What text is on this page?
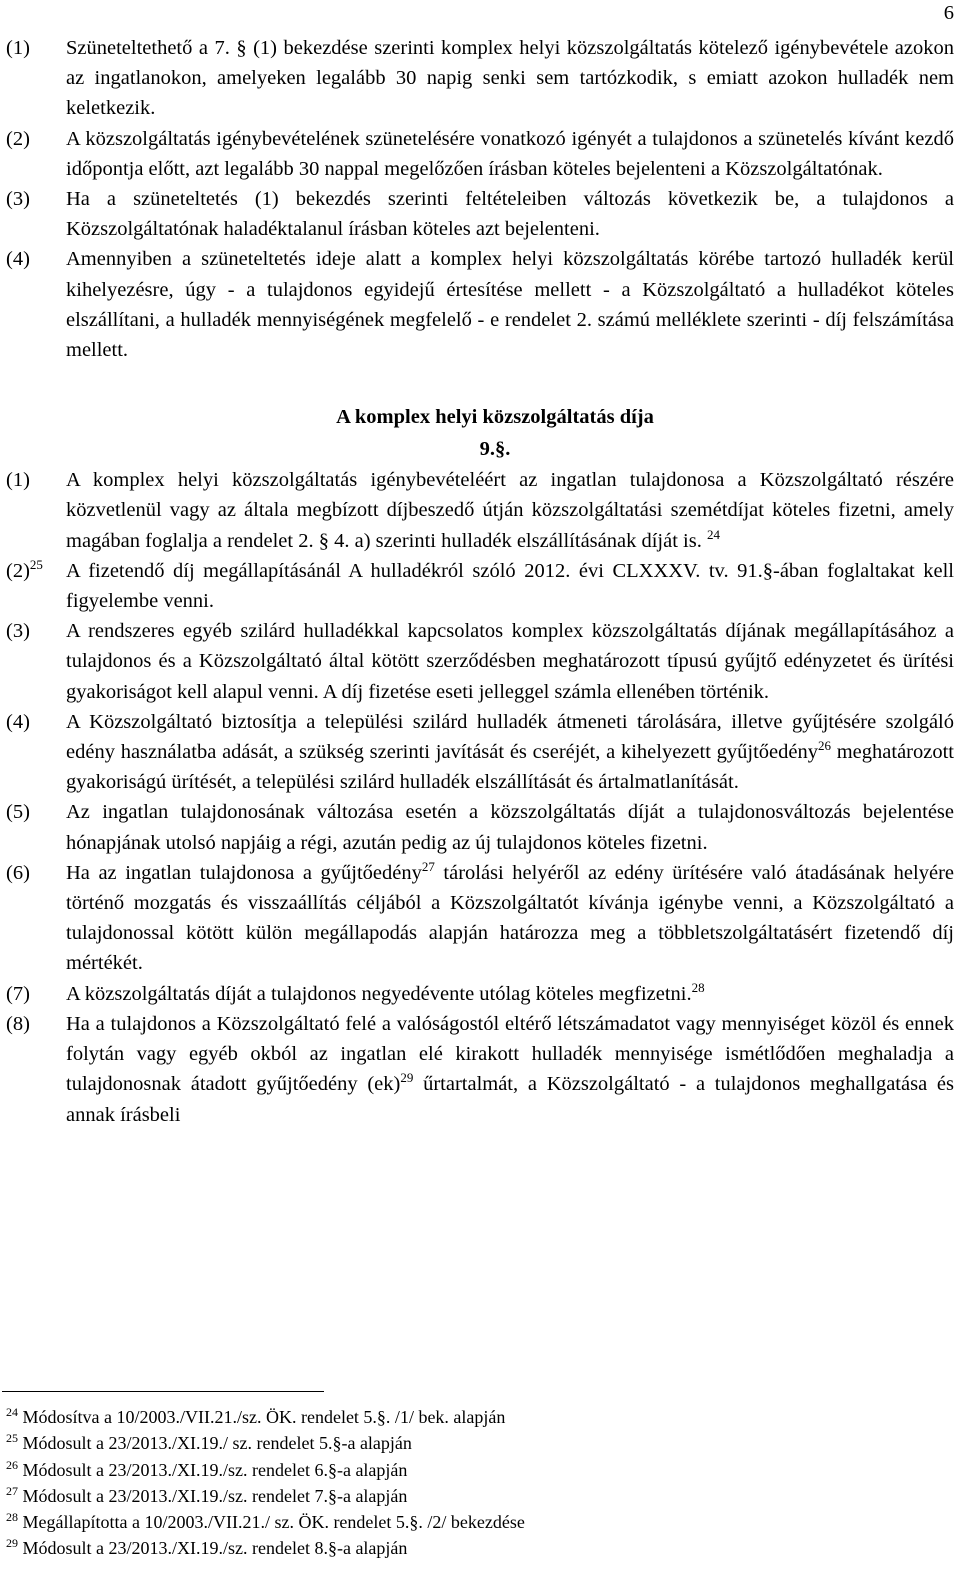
6
(1) Szüneteltethető a 7. § (1) bekezdése szerinti komplex helyi közszolgáltatás kötelező igénybevétele azokon az ingatlanokon, amelyeken legalább 30 napig senki sem tartózkodik, s emiatt azokon hulladék nem keletkezik.
(2) A közszolgáltatás igénybevételének szünetelésére vonatkozó igényét a tulajdonos a szünetelés kívánt kezdő időpontja előtt, azt legalább 30 nappal megelőzően írásban köteles bejelenteni a Közszolgáltatónak.
(3) Ha a szüneteltetés (1) bekezdés szerinti feltételeiben változás következik be, a tulajdonos a Közszolgáltatónak haladéktalanul írásban köteles azt bejelenteni.
(4) Amennyiben a szüneteltetés ideje alatt a komplex helyi közszolgáltatás körébe tartozó hulladék kerül kihelyezésre, úgy - a tulajdonos egyidejű értesítése mellett - a Közszolgáltató a hulladékot köteles elszállítani, a hulladék mennyiségének megfelelő - e rendelet 2. számú melléklete szerinti - díj felszámítása mellett.
A komplex helyi közszolgáltatás díja
9.§.
(1) A komplex helyi közszolgáltatás igénybevételéért az ingatlan tulajdonosa a Közszolgáltató részére közvetlenül vagy az általa megbízott díjbeszedő útján közszolgáltatási szemétdíjat köteles fizetni, amely magában foglalja a rendelet 2. § 4. a) szerinti hulladék elszállításának díját is. $^{24}$
$(2)^{25}$ A fizetendő díj megállapításánál A hulladékról szóló 2012. évi CLXXXV. tv. 91.§-ában foglaltakat kell figyelembe venni.
(3) A rendszeres egyéb szilárd hulladékkal kapcsolatos komplex közszolgáltatás díjának megállapításához a tulajdonos és a Közszolgáltató által kötött szerződésben meghatározott típusú gyűjtő edényzetet és ürítési gyakoriságot kell alapul venni. A díj fizetése eseti jelleggel számla ellenében történik.
(4) A Közszolgáltató biztosítja a települési szilárd hulladék átmeneti tárolására, illetve gyűjtésére szolgáló edény használatba adását, a szükség szerinti javítását és cseréjét, a kihelyezett gyűjtőedény$^{26}$ meghatározott gyakoriságú ürítését, a települési szilárd hulladék elszállítását és ártalmatlanítását.
(5) Az ingatlan tulajdonosának változása esetén a közszolgáltatás díját a tulajdonosváltozás bejelentése hónapjának utolsó napjáig a régi, azután pedig az új tulajdonos köteles fizetni.
(6) Ha az ingatlan tulajdonosa a gyűjtőedény$^{27}$ tárolási helyéről az edény ürítésére való átadásának helyére történő mozgatás és visszaállítás céljából a Közszolgáltatót kívánja igénybe venni, a Közszolgáltató a tulajdonossal kötött külön megállapodás alapján határozza meg a többletszolgáltatásért fizetendő díj mértékét.
(7) A közszolgáltatás díját a tulajdonos negyedévente utólag köteles megfizetni.$^{28}$
(8) Ha a tulajdonos a Közszolgáltató felé a valóságostól eltérő létszámadatot vagy mennyiséget közöl és ennek folytán vagy egyéb okból az ingatlan elé kirakott hulladék mennyisége ismétlődően meghaladja a tulajdonosnak átadott gyűjtőedény (ek)$^{29}$ űrtartalmát, a Közszolgáltató - a tulajdonos meghallgatása és annak írásbeli
$^{24}$ Módosítva a 10/2003./VII.21./sz. ÖK. rendelet 5.§. /1/ bek. alapján
$^{25}$ Módosult a 23/2013./XI.19./ sz. rendelet 5.§-a alapján
$^{26}$ Módosult a 23/2013./XI.19./sz. rendelet 6.§-a alapján
$^{27}$ Módosult a 23/2013./XI.19./sz. rendelet 7.§-a alapján
$^{28}$ Megállapította a 10/2003./VII.21./ sz. ÖK. rendelet 5.§. /2/ bekezdése
$^{29}$ Módosult a 23/2013./XI.19./sz. rendelet 8.§-a alapján
